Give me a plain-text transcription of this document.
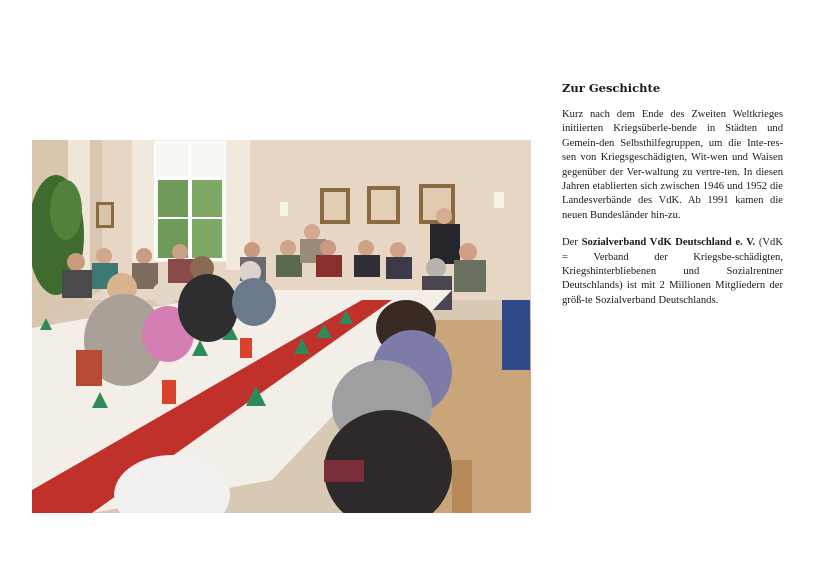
Zur Geschichte

Kurz nach dem Ende des Zweiten Weltkrieges initiierten Kriegsüberle-bende in Städten und Gemein-den Selbsthilfegruppen, um die Inte-res-sen von Kriegsgeschädigten, Wit-wen und Waisen gegenüber der Ver-waltung zu vertre-ten. In diesen Jahren etablierten sich zwischen 1946 und 1952 die Landesverbände des VdK. Ab 1991 kamen die neuen Bundesländer hin-zu.

Der Sozialverband VdK Deutschland e. V. (VdK = Verband der Kriegsbe-schädigten, Kriegshinterbliebenen und Sozialrentner Deutschlands) ist mit 2 Millionen Mitgliedern der größ-te Sozialverband Deutschlands.
